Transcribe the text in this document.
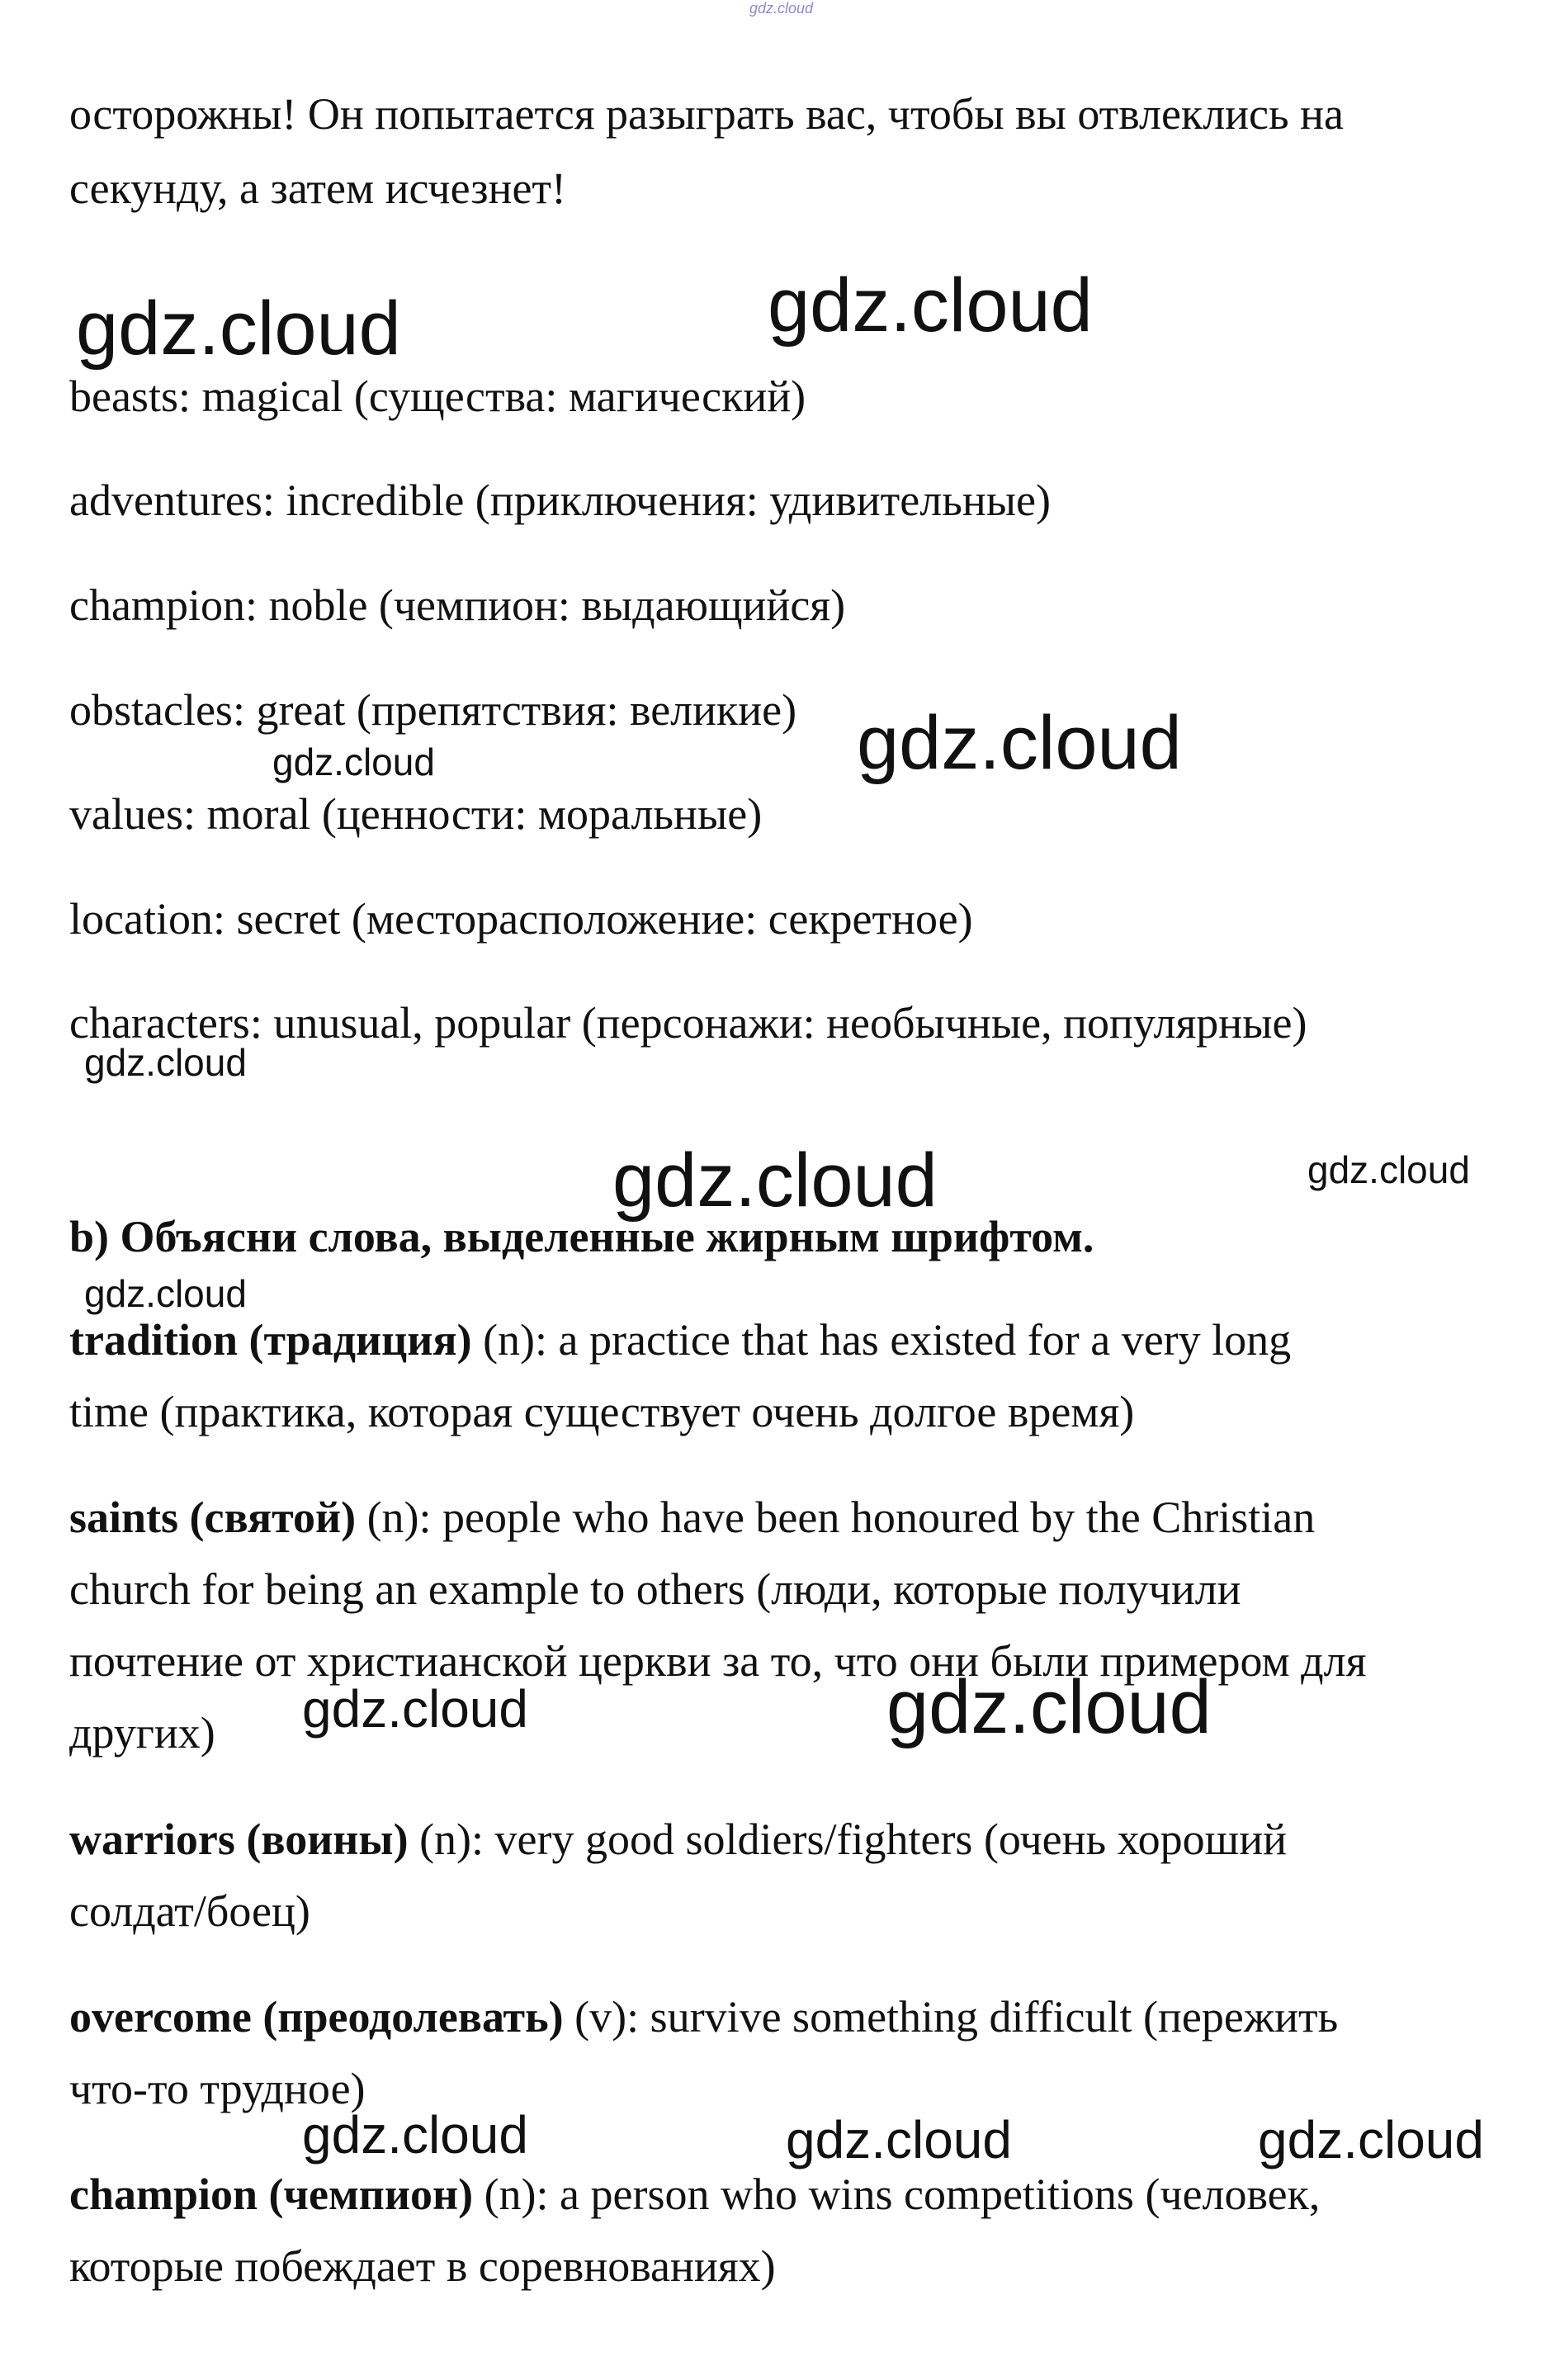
gdz.cloud
осторожны! Он попытается разыграть вас, чтобы вы отвлеклись на
секунду, а затем исчезнет!
beasts: magical (существа: магический)
adventures: incredible (приключения: удивительные)
champion: noble (чемпион: выдающийся)
obstacles: great (препятствия: великие)
values: moral (ценности: моральные)
location: secret (месторасположение: секретное)
characters: unusual, popular (персонажи: необычные, популярные)
b) Объясни слова, выделенные жирным шрифтом.
tradition (традиция) (n): a practice that has existed for a very long
time (практика, которая существует очень долгое время)
saints (святой) (n): people who have been honoured by the Christian
church for being an example to others (люди, которые получили
почтение от христианской церкви за то, что они были примером для
других)
warriors (воины) (n): very good soldiers/fighters (очень хороший
солдат/боец)
overcome (преодолевать) (v): survive something difficult (пережить
что-то трудное)
champion (чемпион) (n): a person who wins competitions (человек,
которые побеждает в соревнованиях)
gdz.cloud	gdz.cloud
gdz.cloud
gdz.cloud
gdz.cloud
gdz.cloud	gdz.cloud
gdz.cloud
gdz.cloud	gdz.cloud
gdz.cloud	gdz.cloud	gdz.cloud
